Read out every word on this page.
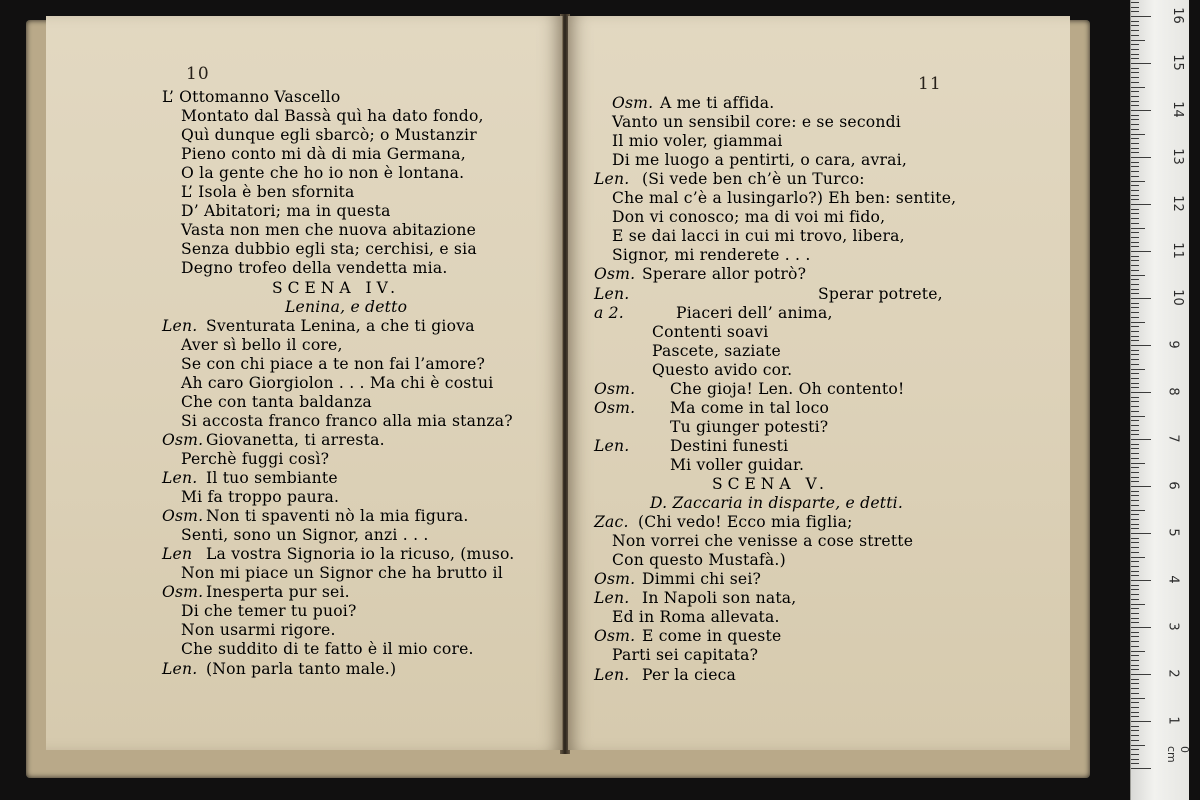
10	11
L’ Ottomanno Vascello
Montato dal Bassà quì ha dato fondo,
Quì dunque egli sbarcò; o Mustanzir
Pieno conto mi dà di mia Germana,
O la gente che ho io non è lontana.
L’ Isola è ben sfornita
D’ Abitatori; ma in questa
Vasta non men che nuova abitazione
Senza dubbio egli sta; cerchisi, e sia
Degno trofeo della vendetta mia.
SCENA IV.
Lenina, e detto
Len. Sventurata Lenina, a che ti giova
Aver sì bello il core,
Se con chi piace a te non fai l’amore?
Ah caro Giorgiolon . . . Ma chi è costui
Che con tanta baldanza
Si accosta franco franco alla mia stanza?
Osm. Giovanetta, ti arresta.
Perchè fuggi così?
Len. Il tuo sembiante
Mi fa troppo paura.
Osm. Non ti spaventi nò la mia figura.
Senti, sono un Signor, anzi . . .
Len La vostra Signoria io la ricuso, (muso.
Non mi piace un Signor che ha brutto il
Osm. Inesperta pur sei.
Di che temer tu puoi?
Non usarmi rigore.
Che suddito di te fatto è il mio core.
Len. (Non parla tanto male.)
Osm. A me ti affida.
Vanto un sensibil core: e se secondi
Il mio voler, giammai
Di me luogo a pentirti, o cara, avrai,
Len. (Si vede ben ch’è un Turco:
Che mal c’è a lusingarlo?) Eh ben: sentite,
Don vi conosco; ma di voi mi fido,
E se dai lacci in cui mi trovo, libera,
Signor, mi renderete . . .
Osm. Sperare allor potrò?
Len.	Sperar potrete,
a 2.	Piaceri dell’ anima,
Contenti soavi
Pascete, saziate
Questo avido cor.
Osm. Che gioja! Len. Oh contento!
Osm. Ma come in tal loco
Tu giunger potesti?
Len.	Destini funesti
Mi voller guidar.
SCENA V.
D. Zaccaria in disparte, e detti.
Zac. (Chi vedo! Ecco mia figlia;
Non vorrei che venisse a cose strette
Con questo Mustafà.)
Osm. Dimmi chi sei?
Len. In Napoli son nata,
Ed in Roma allevata.
Osm. E come in queste
Parti sei capitata?
Len. Per la cieca
1
2
3
4
5
6
7
8
9
10
11
12
13
14
15
16
0 cm
